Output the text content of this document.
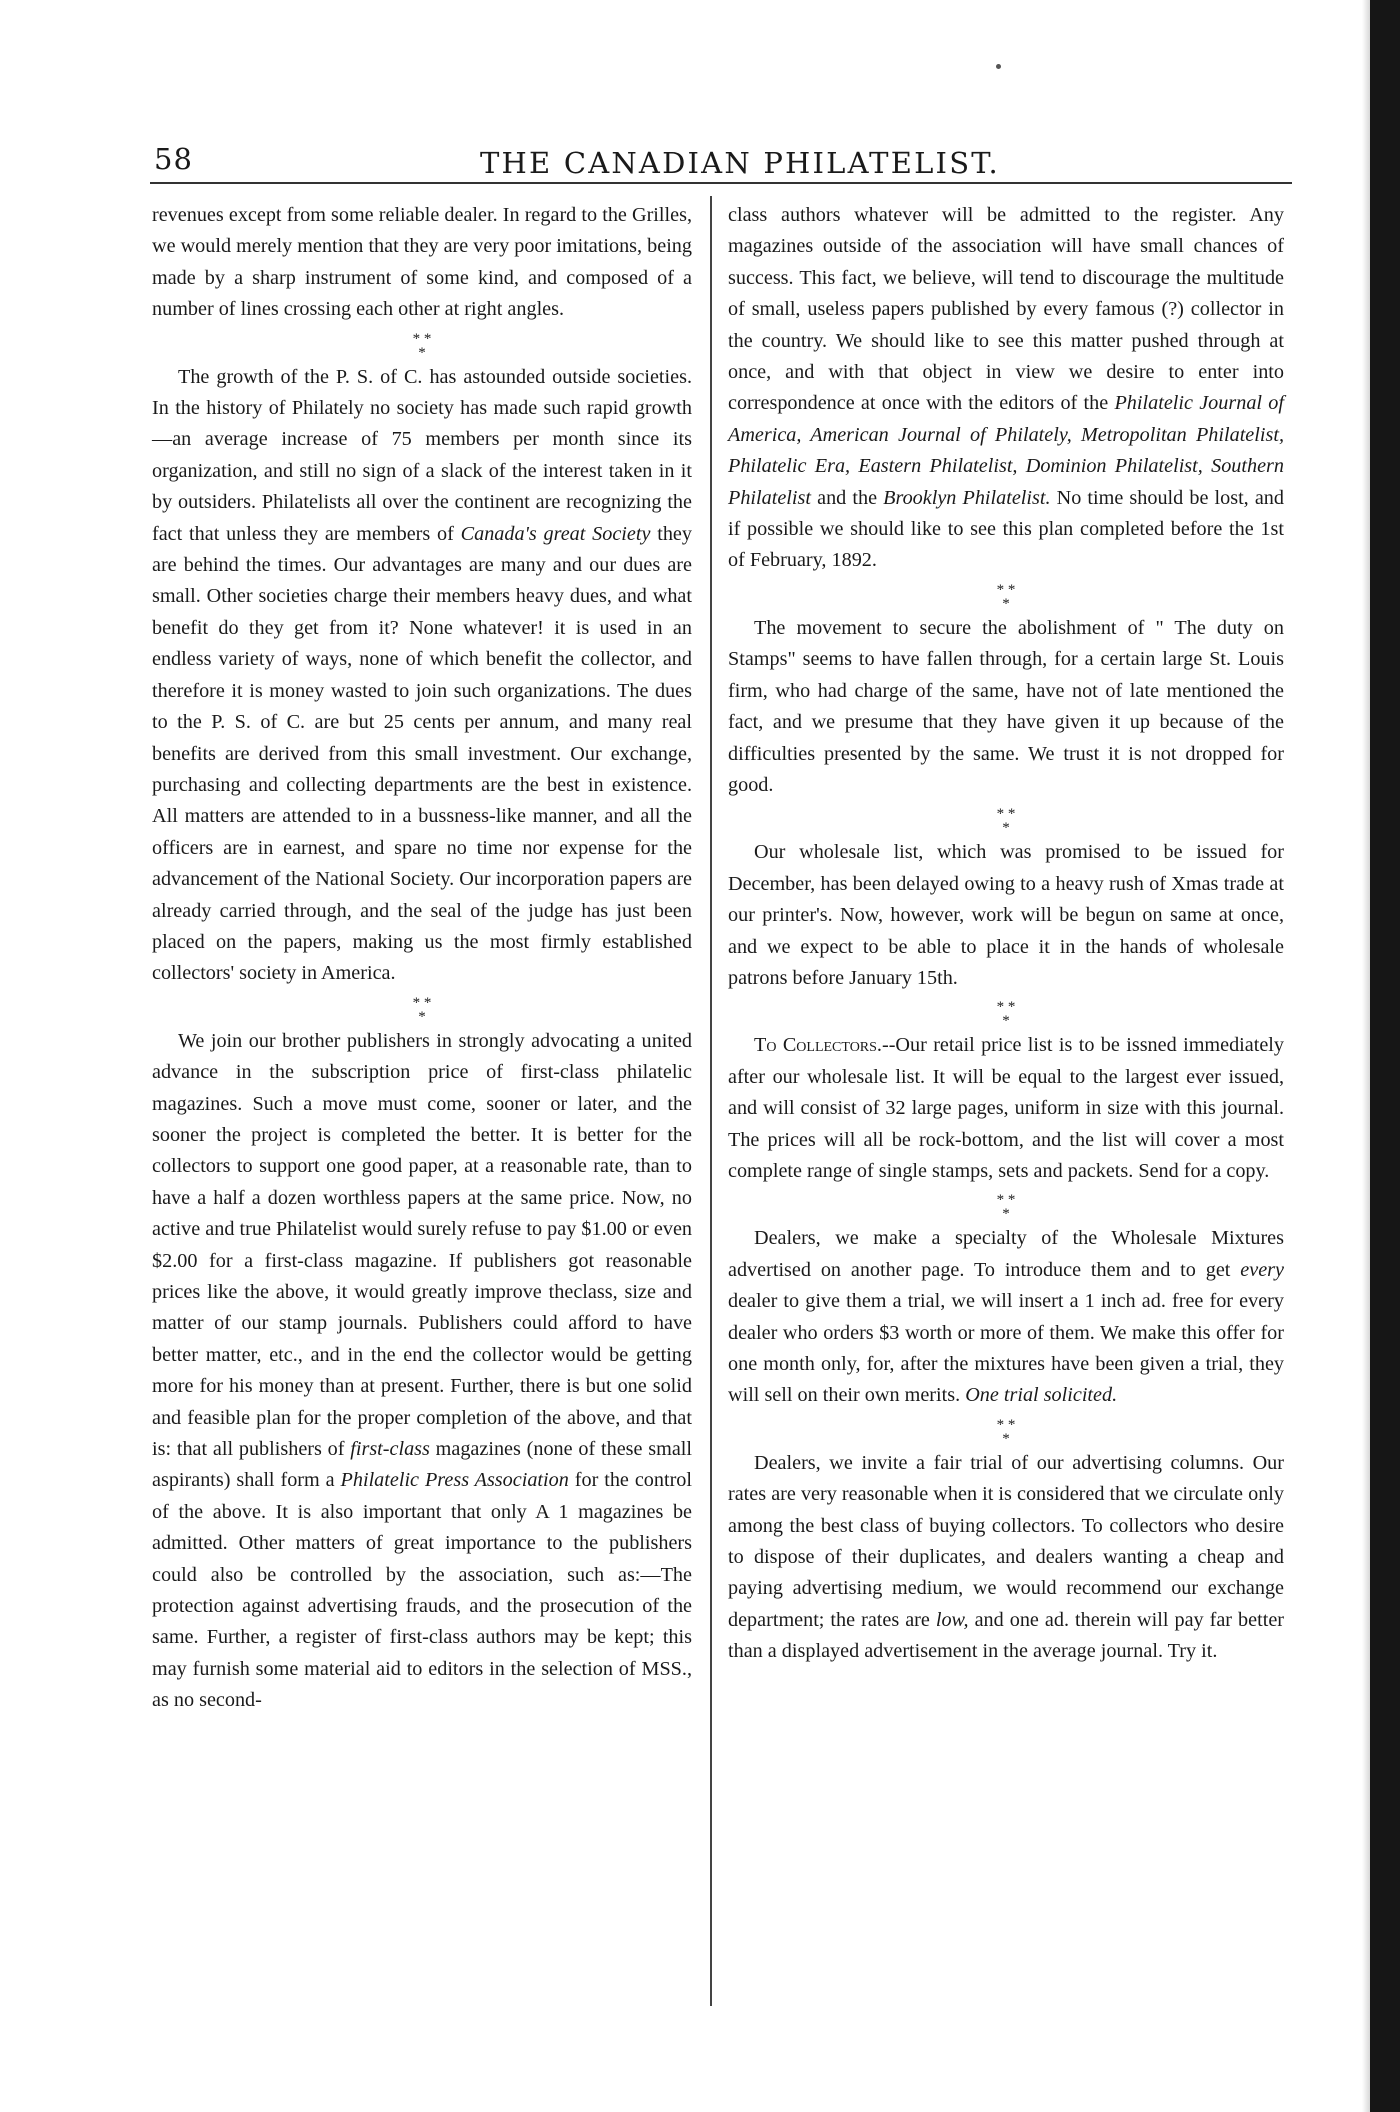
58	THE CANADIAN PHILATELIST.

revenues except from some reliable dealer. In regard to the Grilles, we would merely mention that they are very poor imitations, being made by a sharp instrument of some kind, and composed of a number of lines crossing each other at right angles.

* *
*

The growth of the P. S. of C. has astounded outside societies. In the history of Philately no society has made such rapid growth—an average increase of 75 members per month since its organization, and still no sign of a slack of the interest taken in it by outsiders. Philatelists all over the continent are recognizing the fact that unless they are members of Canada's great Society they are behind the times. Our advantages are many and our dues are small. Other societies charge their members heavy dues, and what benefit do they get from it? None whatever! it is used in an endless variety of ways, none of which benefit the collector, and therefore it is money wasted to join such organizations. The dues to the P. S. of C. are but 25 cents per annum, and many real benefits are derived from this small investment. Our exchange, purchasing and collecting departments are the best in existence. All matters are attended to in a bussness-like manner, and all the officers are in earnest, and spare no time nor expense for the advancement of the National Society. Our incorporation papers are already carried through, and the seal of the judge has just been placed on the papers, making us the most firmly established collectors' society in America.

* *
*

We join our brother publishers in strongly advocating a united advance in the subscription price of first-class philatelic magazines. Such a move must come, sooner or later, and the sooner the project is completed the better. It is better for the collectors to support one good paper, at a reasonable rate, than to have a half a dozen worthless papers at the same price. Now, no active and true Philatelist would surely refuse to pay $1.00 or even $2.00 for a first-class magazine. If publishers got reasonable prices like the above, it would greatly improve theclass, size and matter of our stamp journals. Publishers could afford to have better matter, etc., and in the end the collector would be getting more for his money than at present. Further, there is but one solid and feasible plan for the proper completion of the above, and that is: that all publishers of first-class magazines (none of these small aspirants) shall form a Philatelic Press Association for the control of the above. It is also important that only A 1 magazines be admitted. Other matters of great importance to the publishers could also be controlled by the association, such as:—The protection against advertising frauds, and the prosecution of the same. Further, a register of first-class authors may be kept; this may furnish some material aid to editors in the selection of MSS., as no second-

class authors whatever will be admitted to the register. Any magazines outside of the association will have small chances of success. This fact, we believe, will tend to discourage the multitude of small, useless papers published by every famous (?) collector in the country. We should like to see this matter pushed through at once, and with that object in view we desire to enter into correspondence at once with the editors of the Philatelic Journal of America, American Journal of Philately, Metropolitan Philatelist, Philatelic Era, Eastern Philatelist, Dominion Philatelist, Southern Philatelist and the Brooklyn Philatelist. No time should be lost, and if possible we should like to see this plan completed before the 1st of February, 1892.

* *
*

The movement to secure the abolishment of " The duty on Stamps" seems to have fallen through, for a certain large St. Louis firm, who had charge of the same, have not of late mentioned the fact, and we presume that they have given it up because of the difficulties presented by the same. We trust it is not dropped for good.

* *
*

Our wholesale list, which was promised to be issued for December, has been delayed owing to a heavy rush of Xmas trade at our printer's. Now, however, work will be begun on same at once, and we expect to be able to place it in the hands of wholesale patrons before January 15th.

* *
*

To Collectors.--Our retail price list is to be issned immediately after our wholesale list. It will be equal to the largest ever issued, and will consist of 32 large pages, uniform in size with this journal. The prices will all be rock-bottom, and the list will cover a most complete range of single stamps, sets and packets. Send for a copy.

* *
*

Dealers, we make a specialty of the Wholesale Mixtures advertised on another page. To introduce them and to get every dealer to give them a trial, we will insert a 1 inch ad. free for every dealer who orders $3 worth or more of them. We make this offer for one month only, for, after the mixtures have been given a trial, they will sell on their own merits. One trial solicited.

* *
*

Dealers, we invite a fair trial of our advertising columns. Our rates are very reasonable when it is considered that we circulate only among the best class of buying collectors. To collectors who desire to dispose of their duplicates, and dealers wanting a cheap and paying advertising medium, we would recommend our exchange department; the rates are low, and one ad. therein will pay far better than a displayed advertisement in the average journal. Try it.
